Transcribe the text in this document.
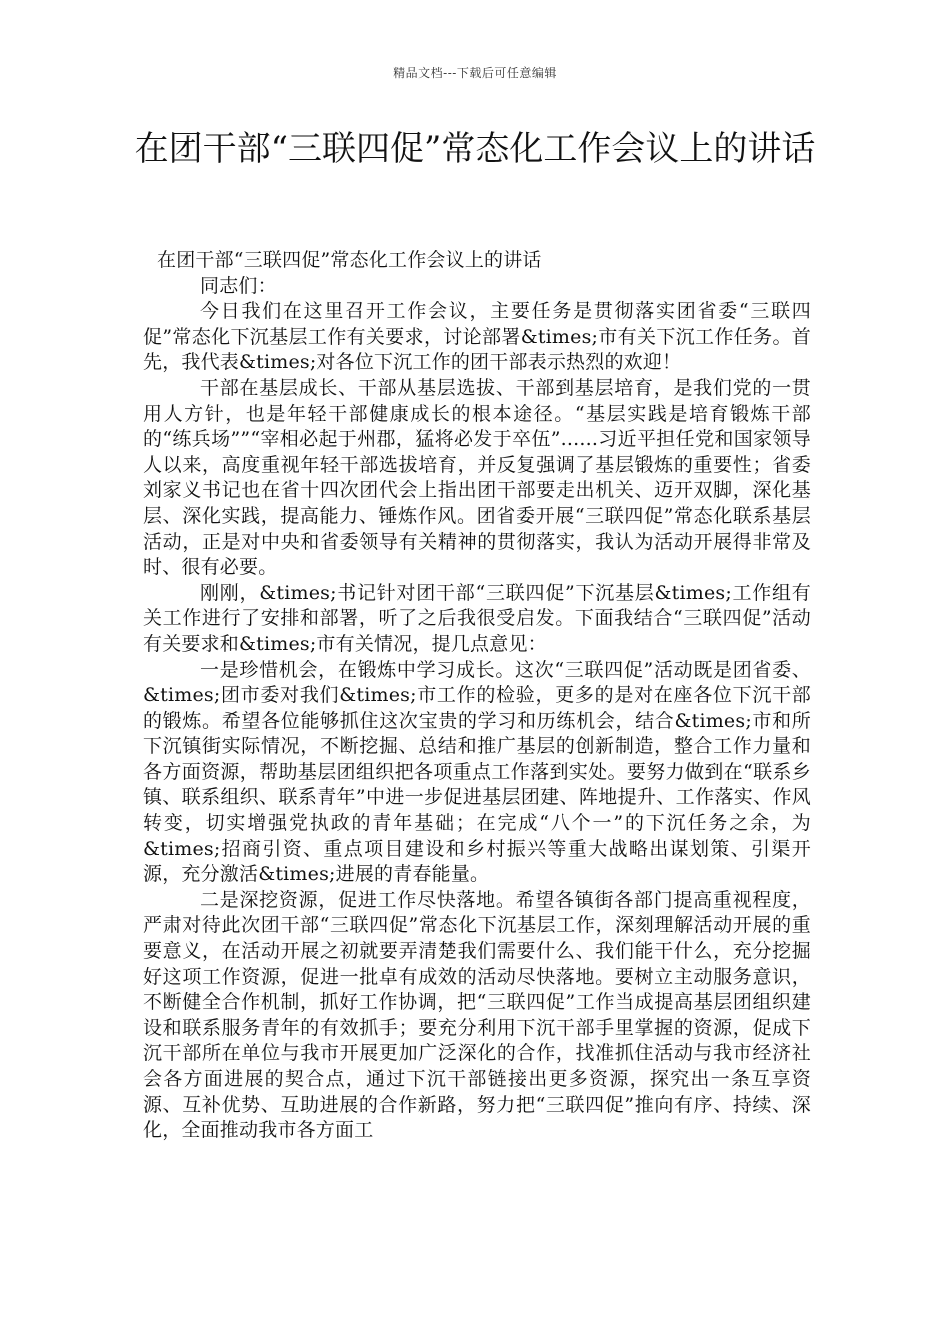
精品文档---下载后可任意编辑
在团干部“三联四促”常态化工作会议上的讲话

在团干部“三联四促”常态化工作会议上的讲话

同志们：

今日我们在这里召开工作会议，主要任务是贯彻落实团省委“三联四促”常态化下沉基层工作有关要求，讨论部署&times;市有关下沉工作任务。首先，我代表&times;对各位下沉工作的团干部表示热烈的欢迎！

干部在基层成长、干部从基层选拔、干部到基层培育，是我们党的一贯用人方针，也是年轻干部健康成长的根本途径。“基层实践是培育锻炼干部的“练兵场””“宰相必起于州郡，猛将必发于卒伍”......习近平担任党和国家领导人以来，高度重视年轻干部选拔培育，并反复强调了基层锻炼的重要性；省委刘家义书记也在省十四次团代会上指出团干部要走出机关、迈开双脚，深化基层、深化实践，提高能力、锤炼作风。团省委开展“三联四促”常态化联系基层活动，正是对中央和省委领导有关精神的贯彻落实，我认为活动开展得非常及时、很有必要。

刚刚，&times;书记针对团干部“三联四促”下沉基层&times;工作组有关工作进行了安排和部署，听了之后我很受启发。下面我结合“三联四促”活动有关要求和&times;市有关情况，提几点意见：

一是珍惜机会，在锻炼中学习成长。这次“三联四促”活动既是团省委、&times;团市委对我们&times;市工作的检验，更多的是对在座各位下沉干部的锻炼。希望各位能够抓住这次宝贵的学习和历练机会，结合&times;市和所下沉镇街实际情况，不断挖掘、总结和推广基层的创新制造，整合工作力量和各方面资源，帮助基层团组织把各项重点工作落到实处。要努力做到在“联系乡镇、联系组织、联系青年”中进一步促进基层团建、阵地提升、工作落实、作风转变，切实增强党执政的青年基础；在完成“八个一”的下沉任务之余，为&times;招商引资、重点项目建设和乡村振兴等重大战略出谋划策、引渠开源，充分激活&times;进展的青春能量。

二是深挖资源，促进工作尽快落地。希望各镇街各部门提高重视程度，严肃对待此次团干部“三联四促”常态化下沉基层工作，深刻理解活动开展的重要意义，在活动开展之初就要弄清楚我们需要什么、我们能干什么，充分挖掘好这项工作资源，促进一批卓有成效的活动尽快落地。要树立主动服务意识，不断健全合作机制，抓好工作协调，把“三联四促”工作当成提高基层团组织建设和联系服务青年的有效抓手；要充分利用下沉干部手里掌握的资源，促成下沉干部所在单位与我市开展更加广泛深化的合作，找准抓住活动与我市经济社会各方面进展的契合点，通过下沉干部链接出更多资源，探究出一条互享资源、互补优势、互助进展的合作新路，努力把“三联四促”推向有序、持续、深化，全面推动我市各方面工
